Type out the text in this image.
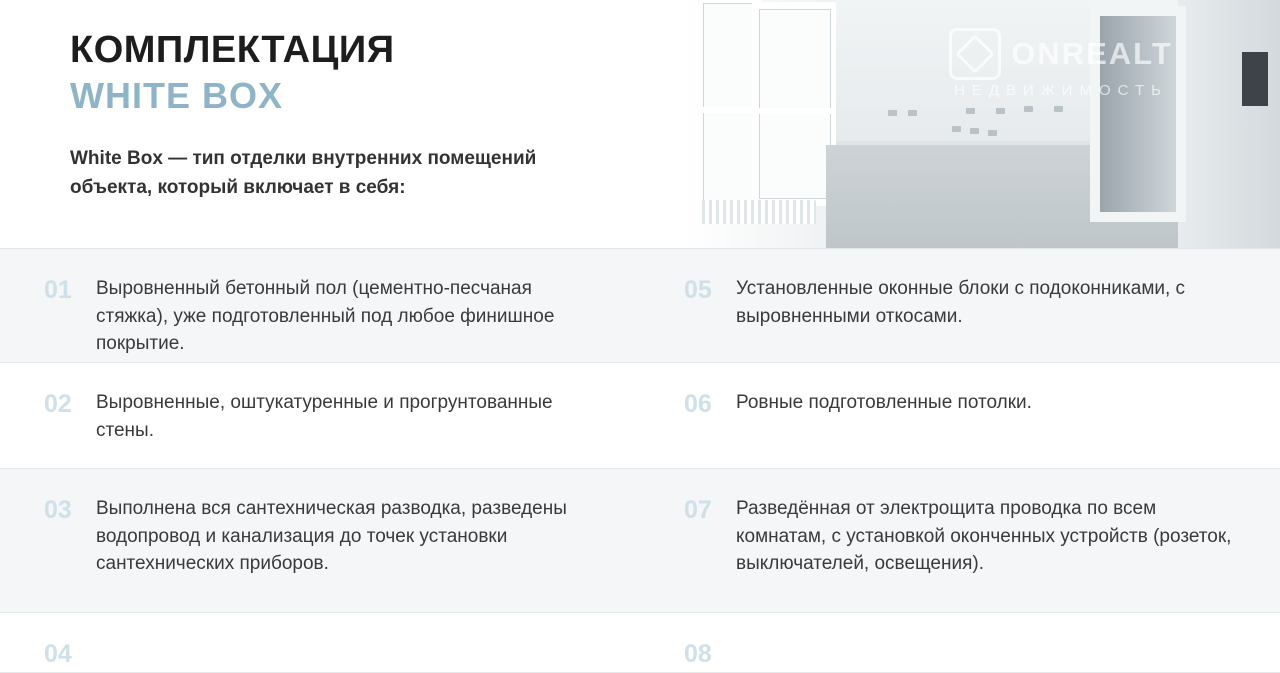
КОМПЛЕКТАЦИЯ
WHITE BOX

White Box — тип отделки внутренних помещений объекта, который включает в себя:

ONREALT
НЕДВИЖИМОСТЬ
01	Выровненный бетонный пол (цементно-песчаная стяжка), уже подготовленный под любое финишное покрытие.
02	Выровненные, оштукатуренные и прогрунтованные стены.
03	Выполнена вся сантехническая разводка, разведены водопровод и канализация до точек установки сантехнических приборов.
04
05	Установленные оконные блоки с подоконниками, с выровненными откосами.
06	Ровные подготовленные потолки.
07	Разведённая от электрощита проводка по всем комнатам, с установкой оконченных устройств (розеток, выключателей, освещения).
08
